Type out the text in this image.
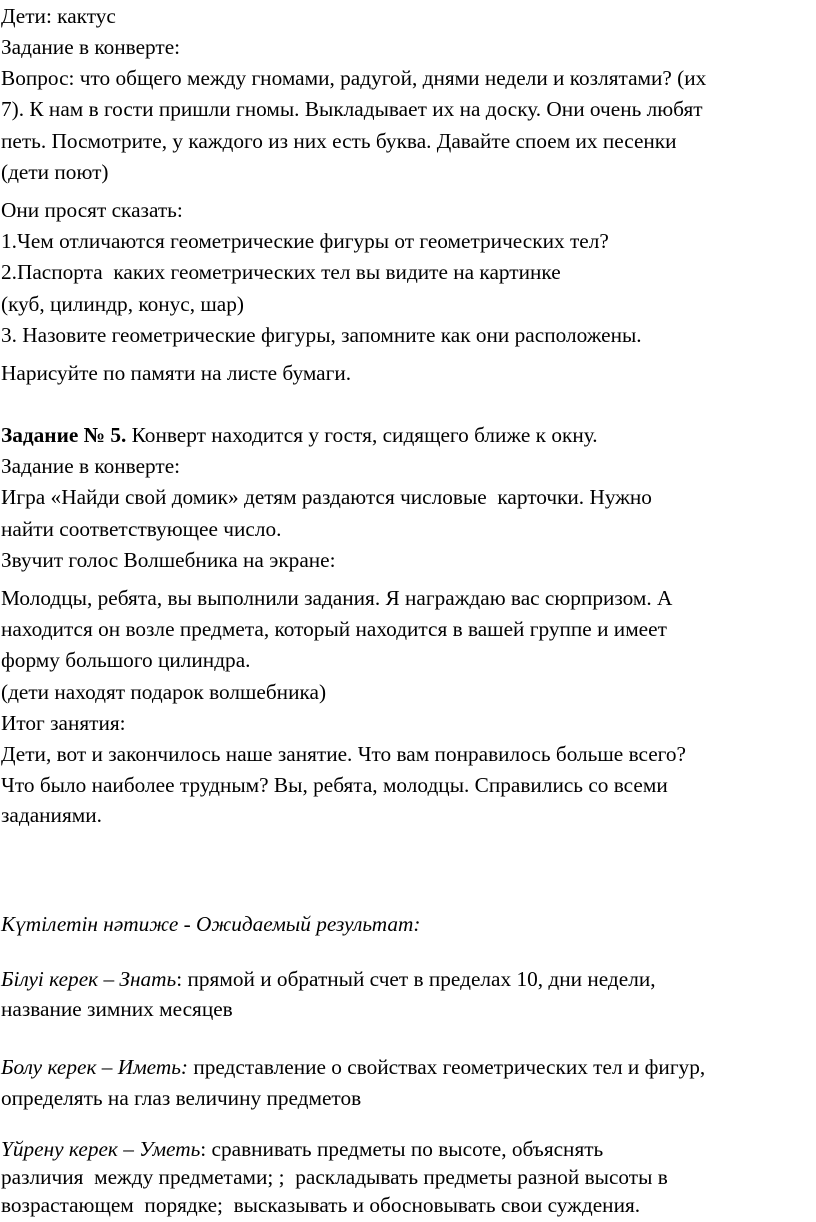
Дети: кактус
Задание в конверте:
Вопрос: что общего между гномами, радугой, днями недели и козлятами? (их
7). К нам в гости пришли гномы. Выкладывает их на доску. Они очень любят
петь. Посмотрите, у каждого из них есть буква. Давайте споем их песенки
(дети поют)
Они просят сказать:
1.Чем отличаются геометрические фигуры от геометрических тел?
2.Паспорта  каких геометрических тел вы видите на картинке
(куб, цилиндр, конус, шар)
3. Назовите геометрические фигуры, запомните как они расположены.
Нарисуйте по памяти на листе бумаги.
Задание № 5. Конверт находится у гостя, сидящего ближе к окну.
Задание в конверте:
Игра «Найди свой домик» детям раздаются числовые  карточки. Нужно
найти соответствующее число.
Звучит голос Волшебника на экране:
Молодцы, ребята, вы выполнили задания. Я награждаю вас сюрпризом. А
находится он возле предмета, который находится в вашей группе и имеет
форму большого цилиндра.
(дети находят подарок волшебника)
Итог занятия:
Дети, вот и закончилось наше занятие. Что вам понравилось больше всего?
Что было наиболее трудным? Вы, ребята, молодцы. Справились со всеми
заданиями.
Күтілетін нәтиже - Ожидаемый результат:
Білуі керек – Знать: прямой и обратный счет в пределах 10, дни недели,
название зимних месяцев
Болу керек – Иметь: представление о свойствах геометрических тел и фигур,
определять на глаз величину предметов
Үйрену керек – Уметь: сравнивать предметы по высоте, объяснять
различия  между предметами; ;  раскладывать предметы разной высоты в
возрастающем  порядке;  высказывать и обосновывать свои суждения.
